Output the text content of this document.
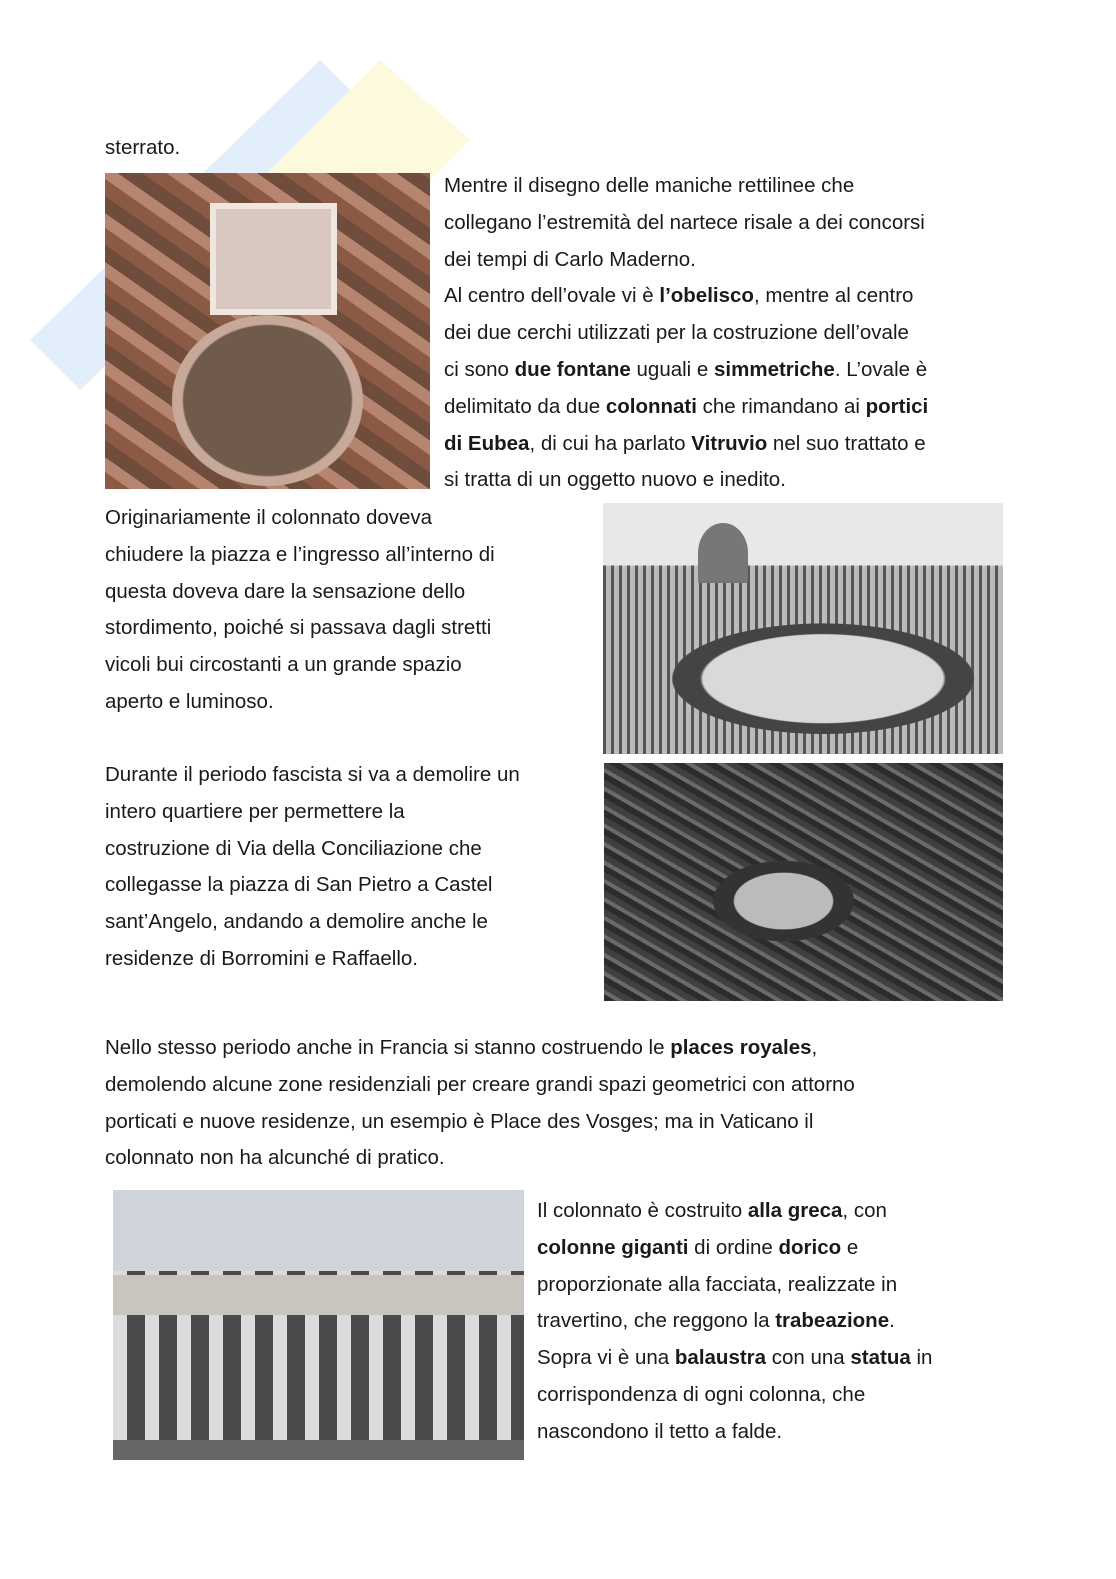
sterrato.
Mentre il disegno delle maniche rettilinee che
collegano l’estremità del nartece risale a dei concorsi
dei tempi di Carlo Maderno.
Al centro dell’ovale vi è l’obelisco, mentre al centro
dei due cerchi utilizzati per la costruzione dell’ovale
ci sono due fontane uguali e simmetriche. L’ovale è
delimitato da due colonnati che rimandano ai portici
di Eubea, di cui ha parlato Vitruvio nel suo trattato e
si tratta di un oggetto nuovo e inedito.
Originariamente il colonnato doveva
chiudere la piazza e l’ingresso all’interno di
questa doveva dare la sensazione dello
stordimento, poiché si passava dagli stretti
vicoli bui circostanti a un grande spazio
aperto e luminoso.
Durante il periodo fascista si va a demolire un
intero quartiere per permettere la
costruzione di Via della Conciliazione che
collegasse la piazza di San Pietro a Castel
sant’Angelo, andando a demolire anche le
residenze di Borromini e Raffaello.
Nello stesso periodo anche in Francia si stanno costruendo le places royales,
demolendo alcune zone residenziali per creare grandi spazi geometrici con attorno
porticati e nuove residenze, un esempio è Place des Vosges; ma in Vaticano il
colonnato non ha alcunché di pratico.
Il colonnato è costruito alla greca, con
colonne giganti di ordine dorico e
proporzionate alla facciata, realizzate in
travertino, che reggono la trabeazione.
Sopra vi è una balaustra con una statua in
corrispondenza di ogni colonna, che
nascondono il tetto a falde.
